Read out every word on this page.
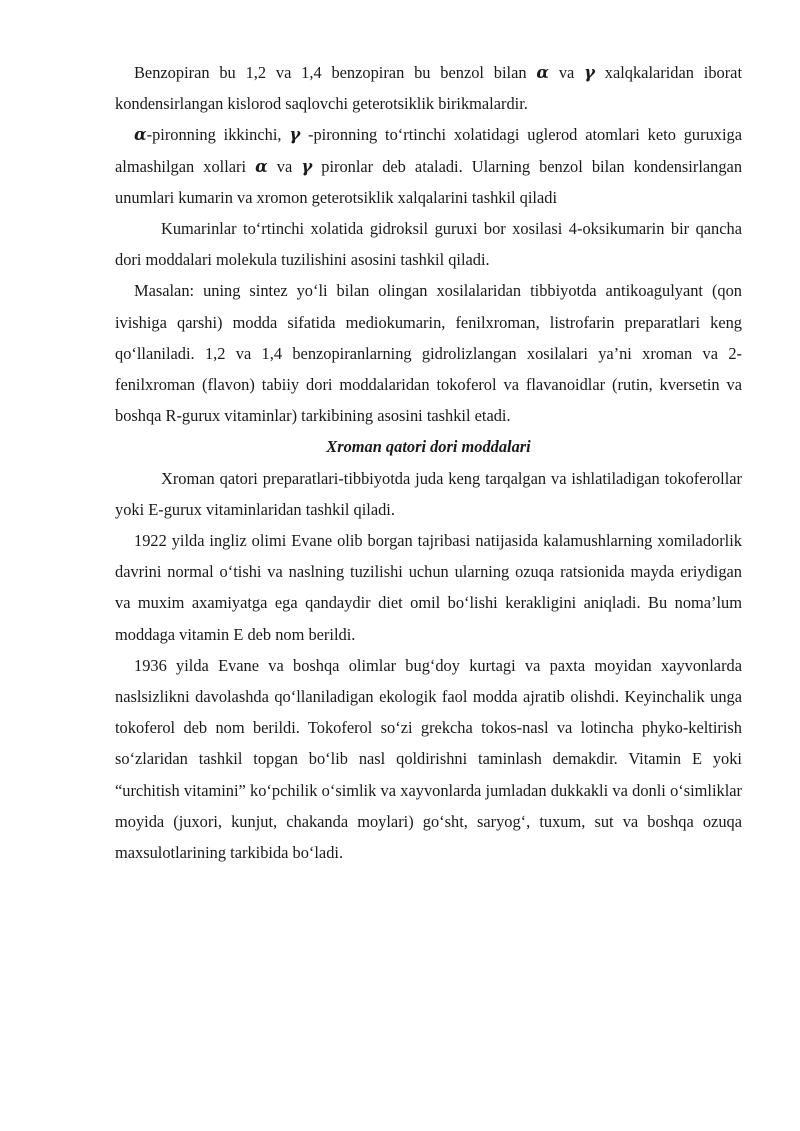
Benzopiran bu 1,2 va 1,4 benzopiran bu benzol bilan α va γ xalqkalaridan iborat kondensirlangan kislorod saqlovchi geterotsiklik birikmalardir.

α-pironning ikkinchi, γ -pironning to‘rtinchi xolatidagi uglerod atomlari keto guruxiga almashilgan xollari α va γ pironlar deb ataladi. Ularning benzol bilan kondensirlangan unumlari kumarin va xromon geterotsiklik xalqalarini tashkil qiladi

Kumarinlar to‘rtinchi xolatida gidroksil guruxi bor xosilasi 4-oksikumarin bir qancha dori moddalari molekula tuzilishini asosini tashkil qiladi.

Masalan: uning sintez yo‘li bilan olingan xosilalaridan tibbiyotda antikoagulyant (qon ivishiga qarshi) modda sifatida mediokumarin, fenilxroman, listrofarin preparatlari keng qo‘llaniladi. 1,2 va 1,4 benzopiranlarning gidrolizlangan xosilalari ya’ni xroman va 2-fenilxroman (flavon) tabiiy dori moddalaridan tokoferol va flavanoidlar (rutin, kversetin va boshqa R-gurux vitaminlar) tarkibining asosini tashkil etadi.

Xroman qatori dori moddalari

Xroman qatori preparatlari-tibbiyotda juda keng tarqalgan va ishlatiladigan tokoferollar yoki E-gurux vitaminlaridan tashkil qiladi.

1922 yilda ingliz olimi Evane olib borgan tajribasi natijasida kalamushlarning xomiladorlik davrini normal o‘tishi va naslning tuzilishi uchun ularning ozuqa ratsionida mayda eriydigan va muxim axamiyatga ega qandaydir diet omil bo‘lishi kerakligini aniqladi. Bu noma’lum moddaga vitamin E deb nom berildi.

1936 yilda Evane va boshqa olimlar bug‘doy kurtagi va paxta moyidan xayvonlarda naslsizlikni davolashda qo‘llaniladigan ekologik faol modda ajratib olishdi. Keyinchalik unga tokoferol deb nom berildi. Tokoferol so‘zi grekcha tokos-nasl va lotincha phyko-keltirish so‘zlaridan tashkil topgan bo‘lib nasl qoldirishni taminlash demakdir. Vitamin E yoki “urchitish vitamini” ko‘pchilik o‘simlik va xayvonlarda jumladan dukkakli va donli o‘simliklar moyida (juxori, kunjut, chakanda moylari) go‘sht, saryog‘, tuxum, sut va boshqa ozuqa maxsulotlarining tarkibida bo‘ladi.
